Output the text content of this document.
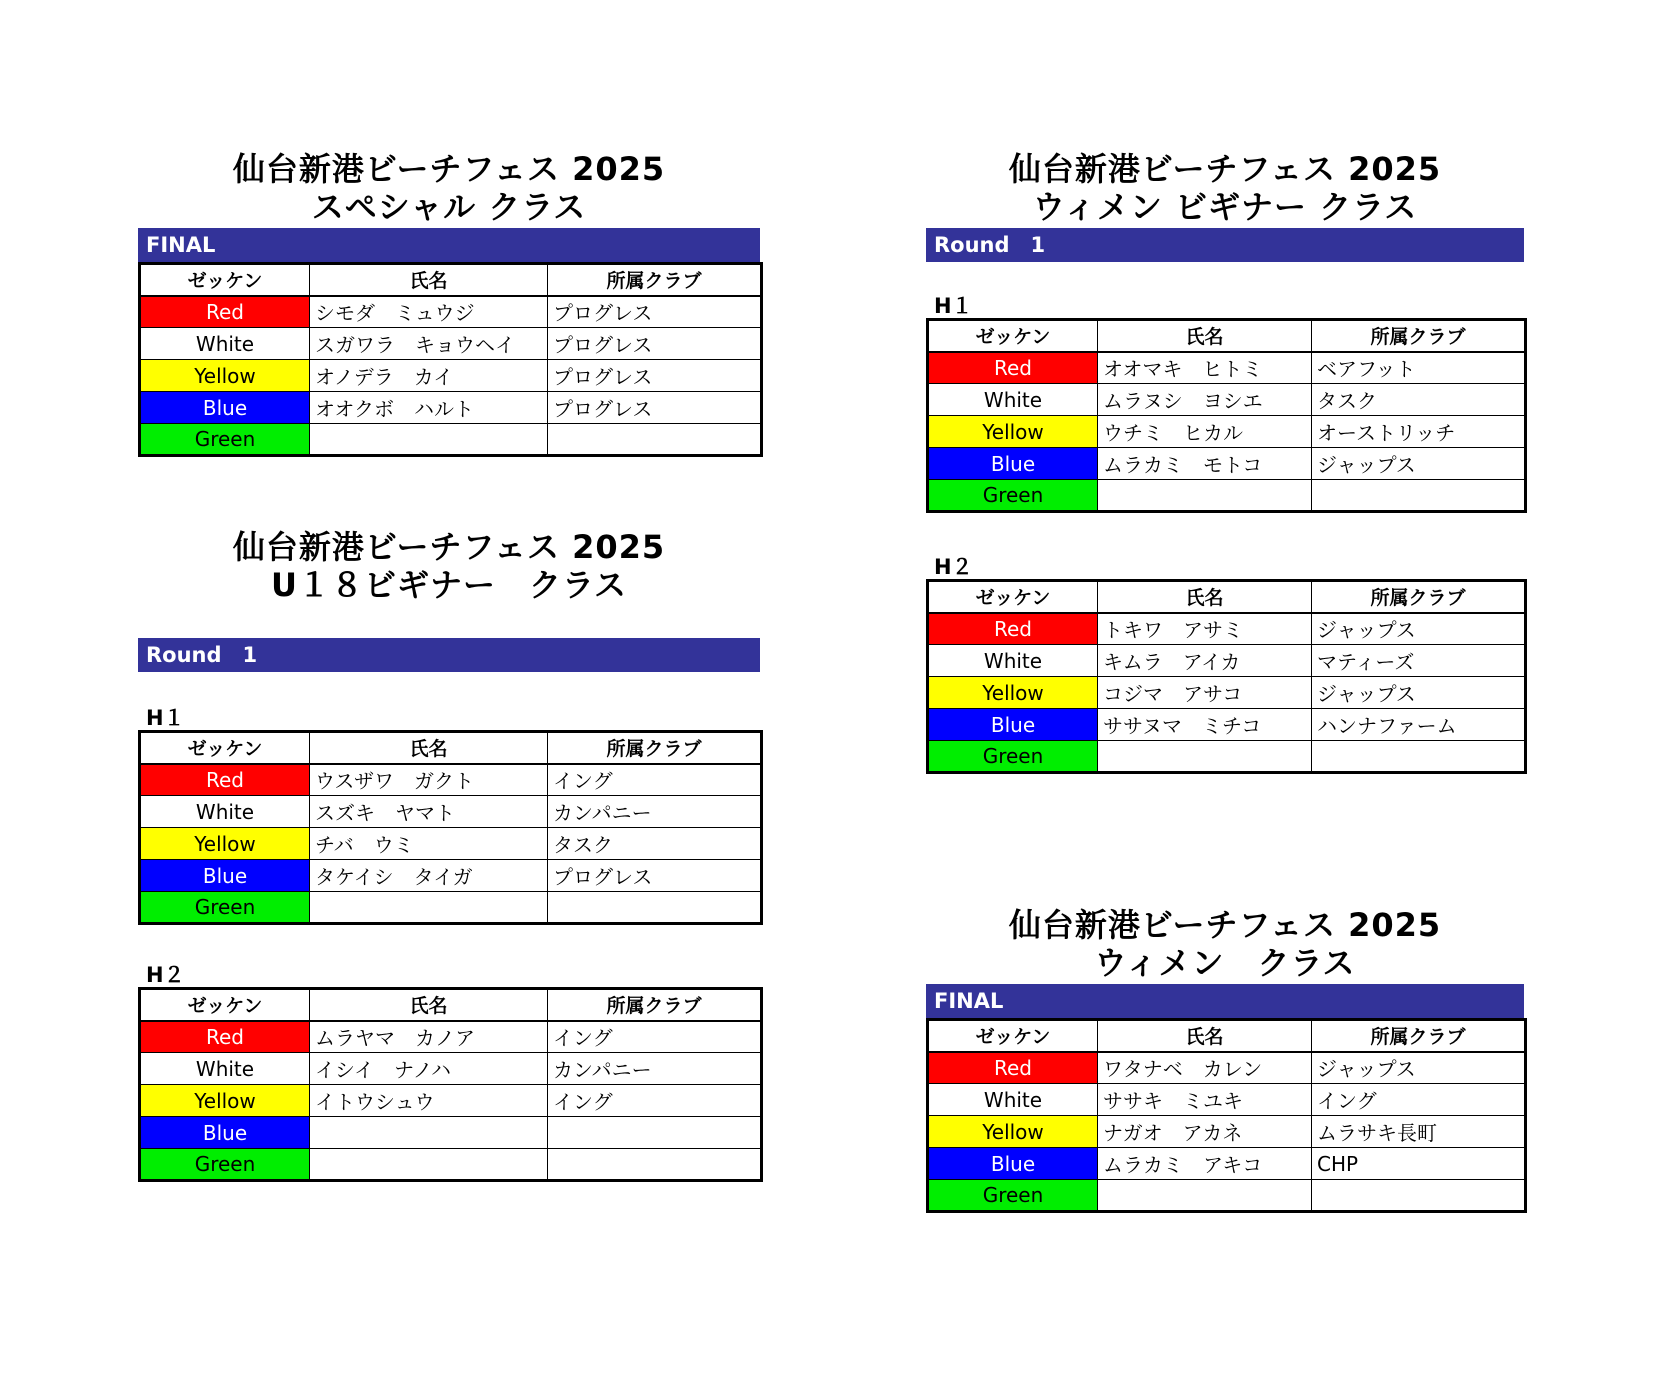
仙台新港ビーチフェス 2025
スペシャル クラス
FINAL
ゼッケン	氏名	所属クラブ
Red	シモダ　ミュウジ	プログレス
White	スガワラ　キョウヘイ	プログレス
Yellow	オノデラ　カイ	プログレス
Blue	オオクボ　ハルト	プログレス
Green		
仙台新港ビーチフェス 2025
U１８ビギナー　クラス
Round　1
H１
ゼッケン	氏名	所属クラブ
Red	ウスザワ　ガクト	イング
White	スズキ　ヤマト	カンパニー
Yellow	チバ　ウミ	タスク
Blue	タケイシ　タイガ	プログレス
Green		
H２
ゼッケン	氏名	所属クラブ
Red	ムラヤマ　カノア	イング
White	イシイ　ナノハ	カンパニー
Yellow	イトウシュウ	イング
Blue		
Green		
仙台新港ビーチフェス 2025
ウィメン ビギナー クラス
Round　1
H１
ゼッケン	氏名	所属クラブ
Red	オオマキ　ヒトミ	ベアフット
White	ムラヌシ　ヨシエ	タスク
Yellow	ウチミ　ヒカル	オーストリッチ
Blue	ムラカミ　モトコ	ジャップス
Green		
H２
ゼッケン	氏名	所属クラブ
Red	トキワ　アサミ	ジャップス
White	キムラ　アイカ	マティーズ
Yellow	コジマ　アサコ	ジャップス
Blue	ササヌマ　ミチコ	ハンナファーム
Green		
仙台新港ビーチフェス 2025
ウィメン　クラス
FINAL
ゼッケン	氏名	所属クラブ
Red	ワタナベ　カレン	ジャップス
White	ササキ　ミユキ	イング
Yellow	ナガオ　アカネ	ムラサキ長町
Blue	ムラカミ　アキコ	CHP
Green		
